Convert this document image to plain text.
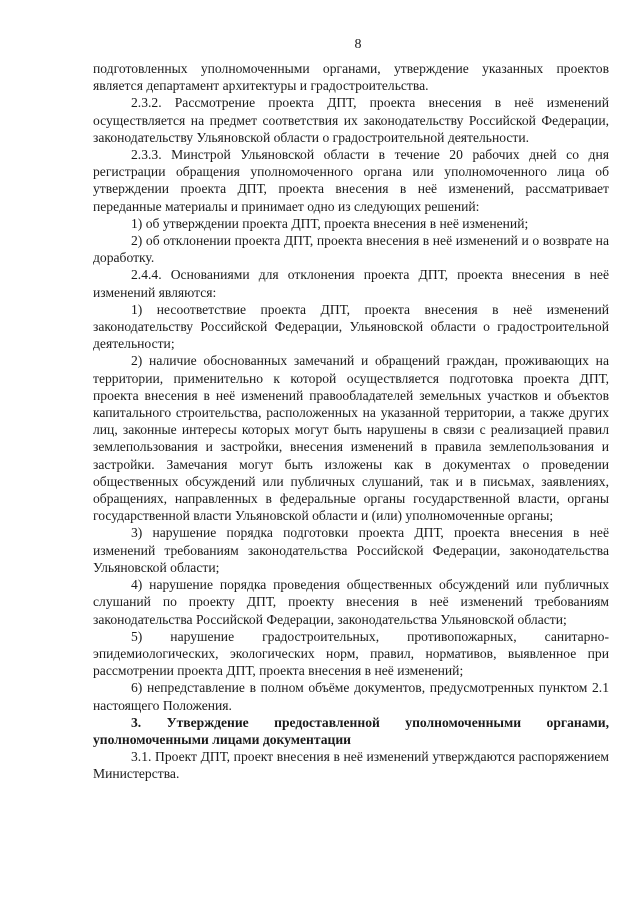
8

подготовленных уполномоченными органами, утверждение указанных проектов является департамент архитектуры и градостроительства.

2.3.2. Рассмотрение проекта ДПТ, проекта внесения в неё изменений осуществляется на предмет соответствия их законодательству Российской Федерации, законодательству Ульяновской области о градостроительной деятельности.

2.3.3. Минстрой Ульяновской области в течение 20 рабочих дней со дня регистрации обращения уполномоченного органа или уполномоченного лица об утверждении проекта ДПТ, проекта внесения в неё изменений, рассматривает переданные материалы и принимает одно из следующих решений:

1) об утверждении проекта ДПТ, проекта внесения в неё изменений;

2) об отклонении проекта ДПТ, проекта внесения в неё изменений и о возврате на доработку.

2.4.4. Основаниями для отклонения проекта ДПТ, проекта внесения в неё изменений являются:

1) несоответствие проекта ДПТ, проекта внесения в неё изменений законодательству Российской Федерации, Ульяновской области о градостроительной деятельности;

2) наличие обоснованных замечаний и обращений граждан, проживающих на территории, применительно к которой осуществляется подготовка проекта ДПТ, проекта внесения в неё изменений правообладателей земельных участков и объектов капитального строительства, расположенных на указанной территории, а также других лиц, законные интересы которых могут быть нарушены в связи с реализацией правил землепользования и застройки, внесения изменений в правила землепользования и застройки. Замечания могут быть изложены как в документах о проведении общественных обсуждений или публичных слушаний, так и в письмах, заявлениях, обращениях, направленных в федеральные органы государственной власти, органы государственной власти Ульяновской области и (или) уполномоченные органы;

3) нарушение порядка подготовки проекта ДПТ, проекта внесения в неё изменений требованиям законодательства Российской Федерации, законодательства Ульяновской области;

4) нарушение порядка проведения общественных обсуждений или публичных слушаний по проекту ДПТ, проекту внесения в неё изменений требованиям законодательства Российской Федерации, законодательства Ульяновской области;

5) нарушение градостроительных, противопожарных, санитарно-эпидемиологических, экологических норм, правил, нормативов, выявленное при рассмотрении проекта ДПТ, проекта внесения в неё изменений;

6) непредставление в полном объёме документов, предусмотренных пунктом 2.1 настоящего Положения.

3. Утверждение предоставленной уполномоченными органами, уполномоченными лицами документации

3.1. Проект ДПТ, проект внесения в неё изменений утверждаются распоряжением Министерства.
